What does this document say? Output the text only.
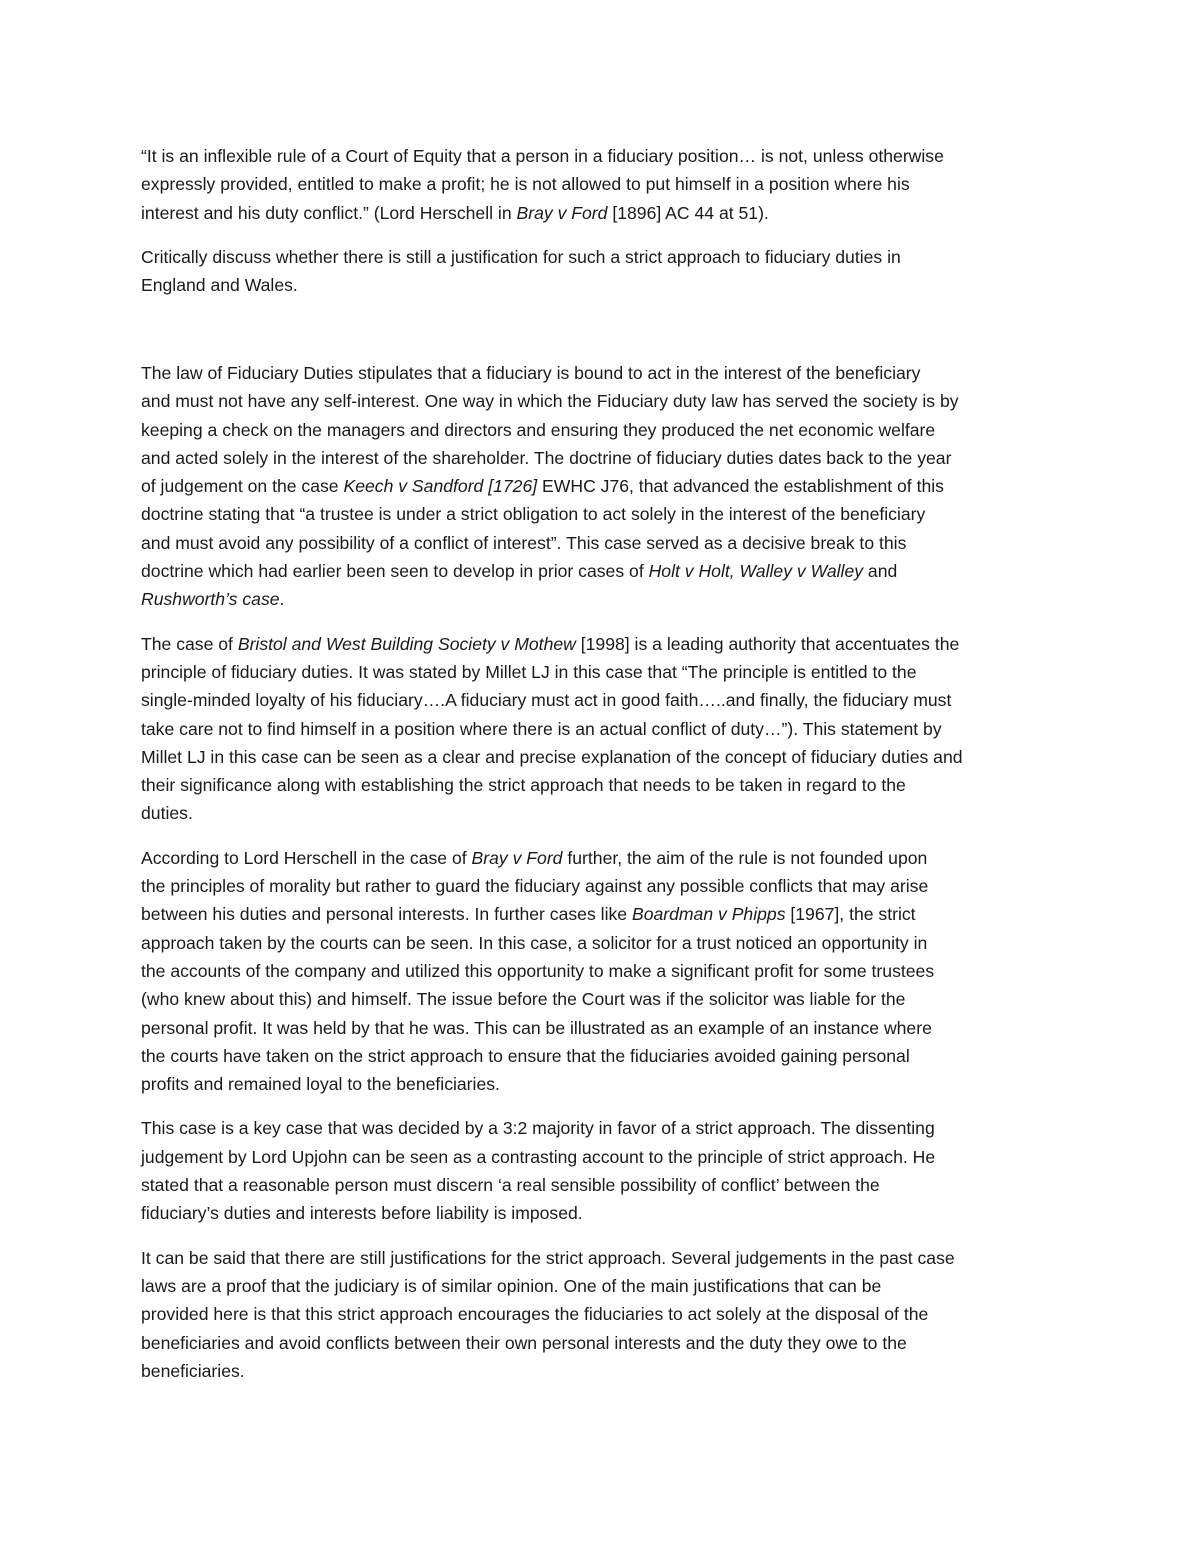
“It is an inflexible rule of a Court of Equity that a person in a fiduciary position… is not, unless otherwise
expressly provided, entitled to make a profit; he is not allowed to put himself in a position where his
interest and his duty conflict.” (Lord Herschell in Bray v Ford [1896] AC 44 at 51).

Critically discuss whether there is still a justification for such a strict approach to fiduciary duties in
England and Wales.

The law of Fiduciary Duties stipulates that a fiduciary is bound to act in the interest of the beneficiary
and must not have any self-interest. One way in which the Fiduciary duty law has served the society is by
keeping a check on the managers and directors and ensuring they produced the net economic welfare
and acted solely in the interest of the shareholder. The doctrine of fiduciary duties dates back to the year
of judgement on the case Keech v Sandford [1726] EWHC J76, that advanced the establishment of this
doctrine stating that “a trustee is under a strict obligation to act solely in the interest of the beneficiary
and must avoid any possibility of a conflict of interest”. This case served as a decisive break to this
doctrine which had earlier been seen to develop in prior cases of Holt v Holt, Walley v Walley and
Rushworth’s case.

The case of Bristol and West Building Society v Mothew [1998] is a leading authority that accentuates the
principle of fiduciary duties. It was stated by Millet LJ in this case that “The principle is entitled to the
single-minded loyalty of his fiduciary….A fiduciary must act in good faith…..and finally, the fiduciary must
take care not to find himself in a position where there is an actual conflict of duty…”). This statement by
Millet LJ in this case can be seen as a clear and precise explanation of the concept of fiduciary duties and
their significance along with establishing the strict approach that needs to be taken in regard to the
duties.

According to Lord Herschell in the case of Bray v Ford further, the aim of the rule is not founded upon
the principles of morality but rather to guard the fiduciary against any possible conflicts that may arise
between his duties and personal interests. In further cases like Boardman v Phipps [1967], the strict
approach taken by the courts can be seen. In this case, a solicitor for a trust noticed an opportunity in
the accounts of the company and utilized this opportunity to make a significant profit for some trustees
(who knew about this) and himself. The issue before the Court was if the solicitor was liable for the
personal profit. It was held by that he was. This can be illustrated as an example of an instance where
the courts have taken on the strict approach to ensure that the fiduciaries avoided gaining personal
profits and remained loyal to the beneficiaries.

This case is a key case that was decided by a 3:2 majority in favor of a strict approach. The dissenting
judgement by Lord Upjohn can be seen as a contrasting account to the principle of strict approach. He
stated that a reasonable person must discern ‘a real sensible possibility of conflict’ between the
fiduciary’s duties and interests before liability is imposed.

It can be said that there are still justifications for the strict approach. Several judgements in the past case
laws are a proof that the judiciary is of similar opinion. One of the main justifications that can be
provided here is that this strict approach encourages the fiduciaries to act solely at the disposal of the
beneficiaries and avoid conflicts between their own personal interests and the duty they owe to the
beneficiaries.
